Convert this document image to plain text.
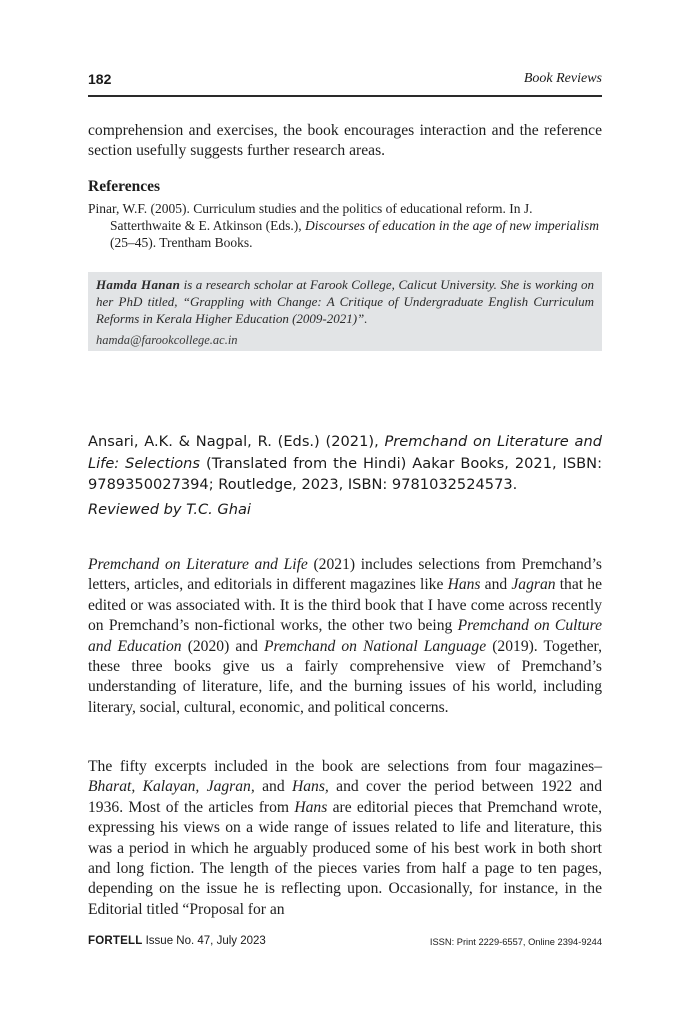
182	Book Reviews

comprehension and exercises, the book encourages interaction and the reference section usefully suggests further research areas.

References
Pinar, W.F. (2005). Curriculum studies and the politics of educational reform. In J. Satterthwaite & E. Atkinson (Eds.), Discourses of education in the age of new imperialism (25–45). Trentham Books.

Hamda Hanan is a research scholar at Farook College, Calicut University. She is working on her PhD titled, “Grappling with Change: A Critique of Undergraduate English Curriculum Reforms in Kerala Higher Education (2009-2021)”.

hamda@farookcollege.ac.in
Ansari, A.K. & Nagpal, R. (Eds.) (2021), Premchand on Literature and Life: Selections (Translated from the Hindi) Aakar Books, 2021, ISBN: 9789350027394; Routledge, 2023, ISBN: 9781032524573.
Reviewed by T.C. Ghai

Premchand on Literature and Life (2021) includes selections from Premchand’s letters, articles, and editorials in different magazines like Hans and Jagran that he edited or was associated with. It is the third book that I have come across recently on Premchand’s non-fictional works, the other two being Premchand on Culture and Education (2020) and Premchand on National Language (2019). Together, these three books give us a fairly comprehensive view of Premchand’s understanding of literature, life, and the burning issues of his world, including literary, social, cultural, economic, and political concerns.

The fifty excerpts included in the book are selections from four magazines–Bharat, Kalayan, Jagran, and Hans, and cover the period between 1922 and 1936. Most of the articles from Hans are editorial pieces that Premchand wrote, expressing his views on a wide range of issues related to life and literature, this was a period in which he arguably produced some of his best work in both short and long fiction. The length of the pieces varies from half a page to ten pages, depending on the issue he is reflecting upon. Occasionally, for instance, in the Editorial titled “Proposal for an

FORTELL Issue No. 47, July 2023	ISSN: Print 2229-6557, Online 2394-9244
